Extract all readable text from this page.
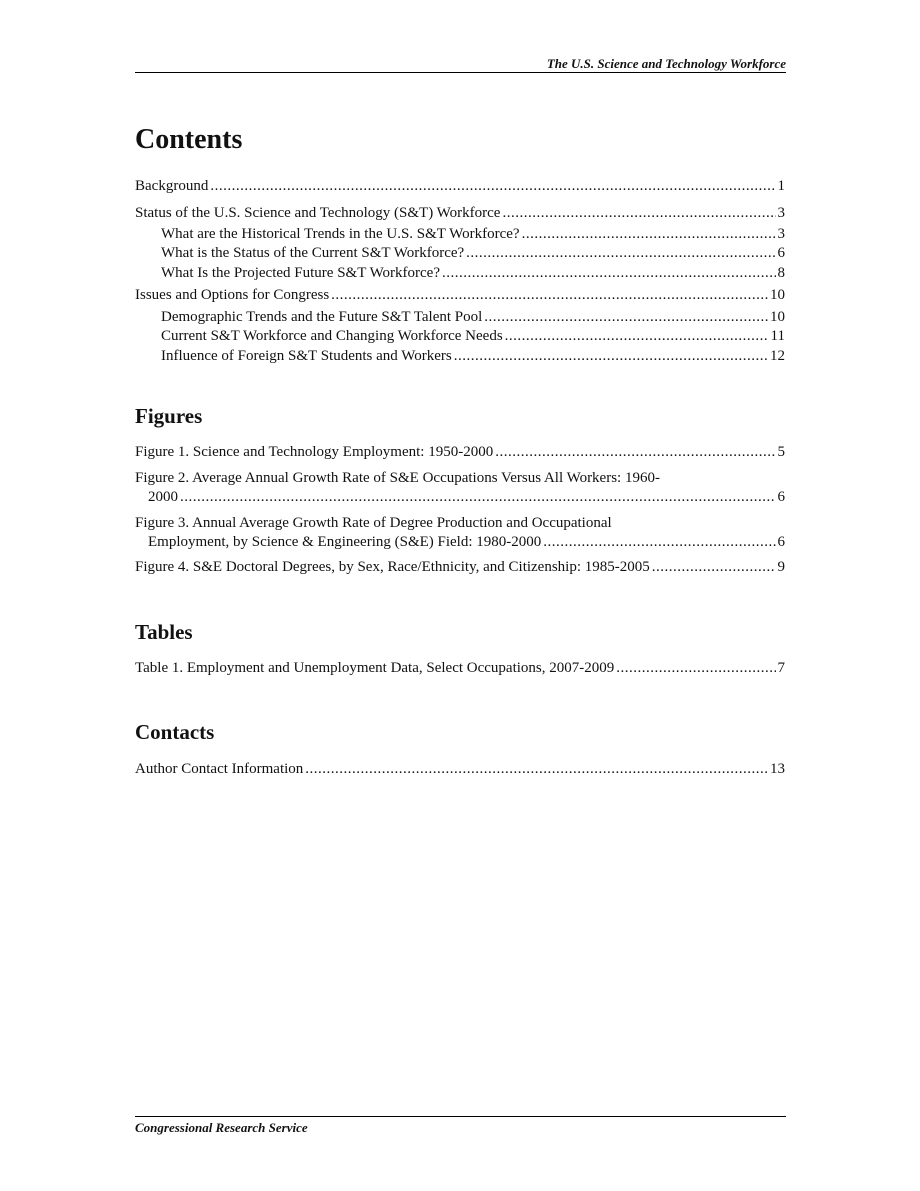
The U.S. Science and Technology Workforce
Contents
Background .....	1
Status of the U.S. Science and Technology (S&T) Workforce .....	3
What are the Historical Trends in the U.S. S&T Workforce? .....	3
What is the Status of the Current S&T Workforce? .....	6
What Is the Projected Future S&T Workforce? .....	8
Issues and Options for Congress .....	10
Demographic Trends and the Future S&T Talent Pool .....	10
Current S&T Workforce and Changing Workforce Needs .....	11
Influence of Foreign S&T Students and Workers .....	12
Figures
Figure 1. Science and Technology Employment: 1950-2000 .....	5
Figure 2. Average Annual Growth Rate of S&E Occupations Versus All Workers: 1960-
2000 .....	6
Figure 3. Annual Average Growth Rate of Degree Production and Occupational
Employment, by Science & Engineering (S&E) Field: 1980-2000 .....	6
Figure 4. S&E Doctoral Degrees, by Sex, Race/Ethnicity, and Citizenship: 1985-2005 .....	9
Tables
Table 1. Employment and Unemployment Data, Select Occupations, 2007-2009 .....	7
Contacts
Author Contact Information .....	13
Congressional Research Service
